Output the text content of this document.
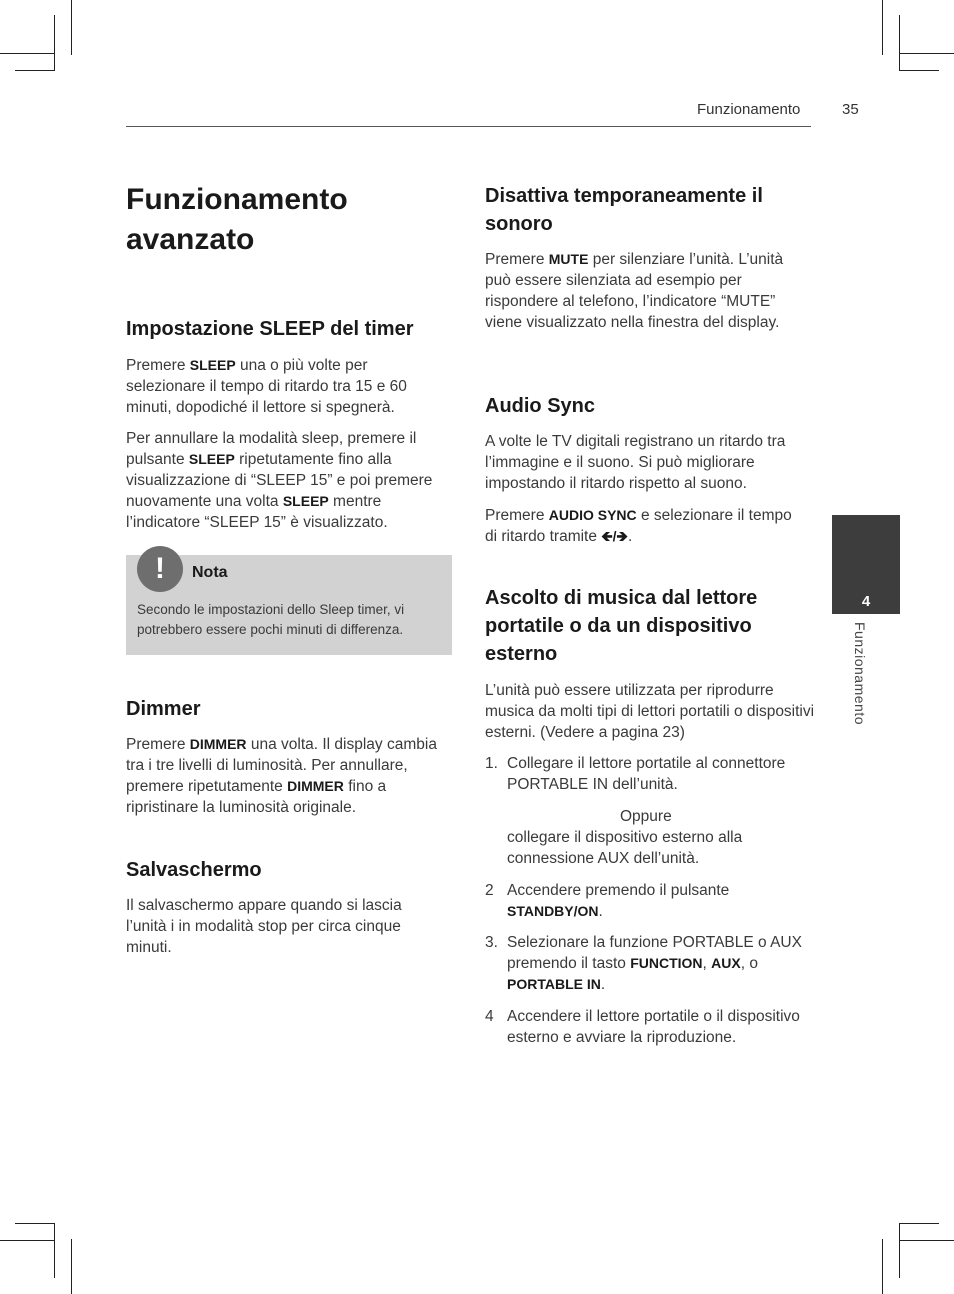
Funzionamento	35
Funzionamento avanzato
Impostazione SLEEP del timer

Premere SLEEP una o più volte per selezionare il tempo di ritardo tra 15 e 60 minuti, dopodiché il lettore si spegnerà.

Per annullare la modalità sleep, premere il pulsante SLEEP ripetutamente fino alla visualizzazione di “SLEEP 15” e poi premere nuovamente una volta SLEEP mentre l’indicatore “SLEEP 15” è visualizzato.

!	Nota

Secondo le impostazioni dello Sleep timer, vi potrebbero essere pochi minuti di differenza.

Dimmer

Premere DIMMER una volta. Il display cambia tra i tre livelli di luminosità. Per annullare, premere ripetutamente DIMMER fino a ripristinare la luminosità originale.

Salvaschermo

Il salvaschermo appare quando si lascia l’unità i in modalità stop per circa cinque minuti.

Disattiva temporaneamente il sonoro

Premere MUTE per silenziare l’unità. L’unità può essere silenziata ad esempio per rispondere al telefono, l’indicatore “MUTE” viene visualizzato nella finestra del display.

Audio Sync

A volte le TV digitali registrano un ritardo tra l’immagine e il suono. Si può migliorare impostando il ritardo rispetto al suono.

Premere AUDIO SYNC e selezionare il tempo di ritardo tramite 🡸/🡺.

Ascolto di musica dal lettore portatile o da un dispositivo esterno

L’unità può essere utilizzata per riprodurre musica da molti tipi di lettori portatili o dispositivi esterni. (Vedere a pagina 23)

1. Collegare il lettore portatile al connettore PORTABLE IN dell’unità.

Oppure

collegare il dispositivo esterno alla connessione AUX dell’unità.

2 Accendere premendo il pulsante STANDBY/ON.

3. Selezionare la funzione PORTABLE o AUX premendo il tasto FUNCTION, AUX, o PORTABLE IN.

4 Accendere il lettore portatile o il dispositivo esterno e avviare la riproduzione.

4
Funzionamento
